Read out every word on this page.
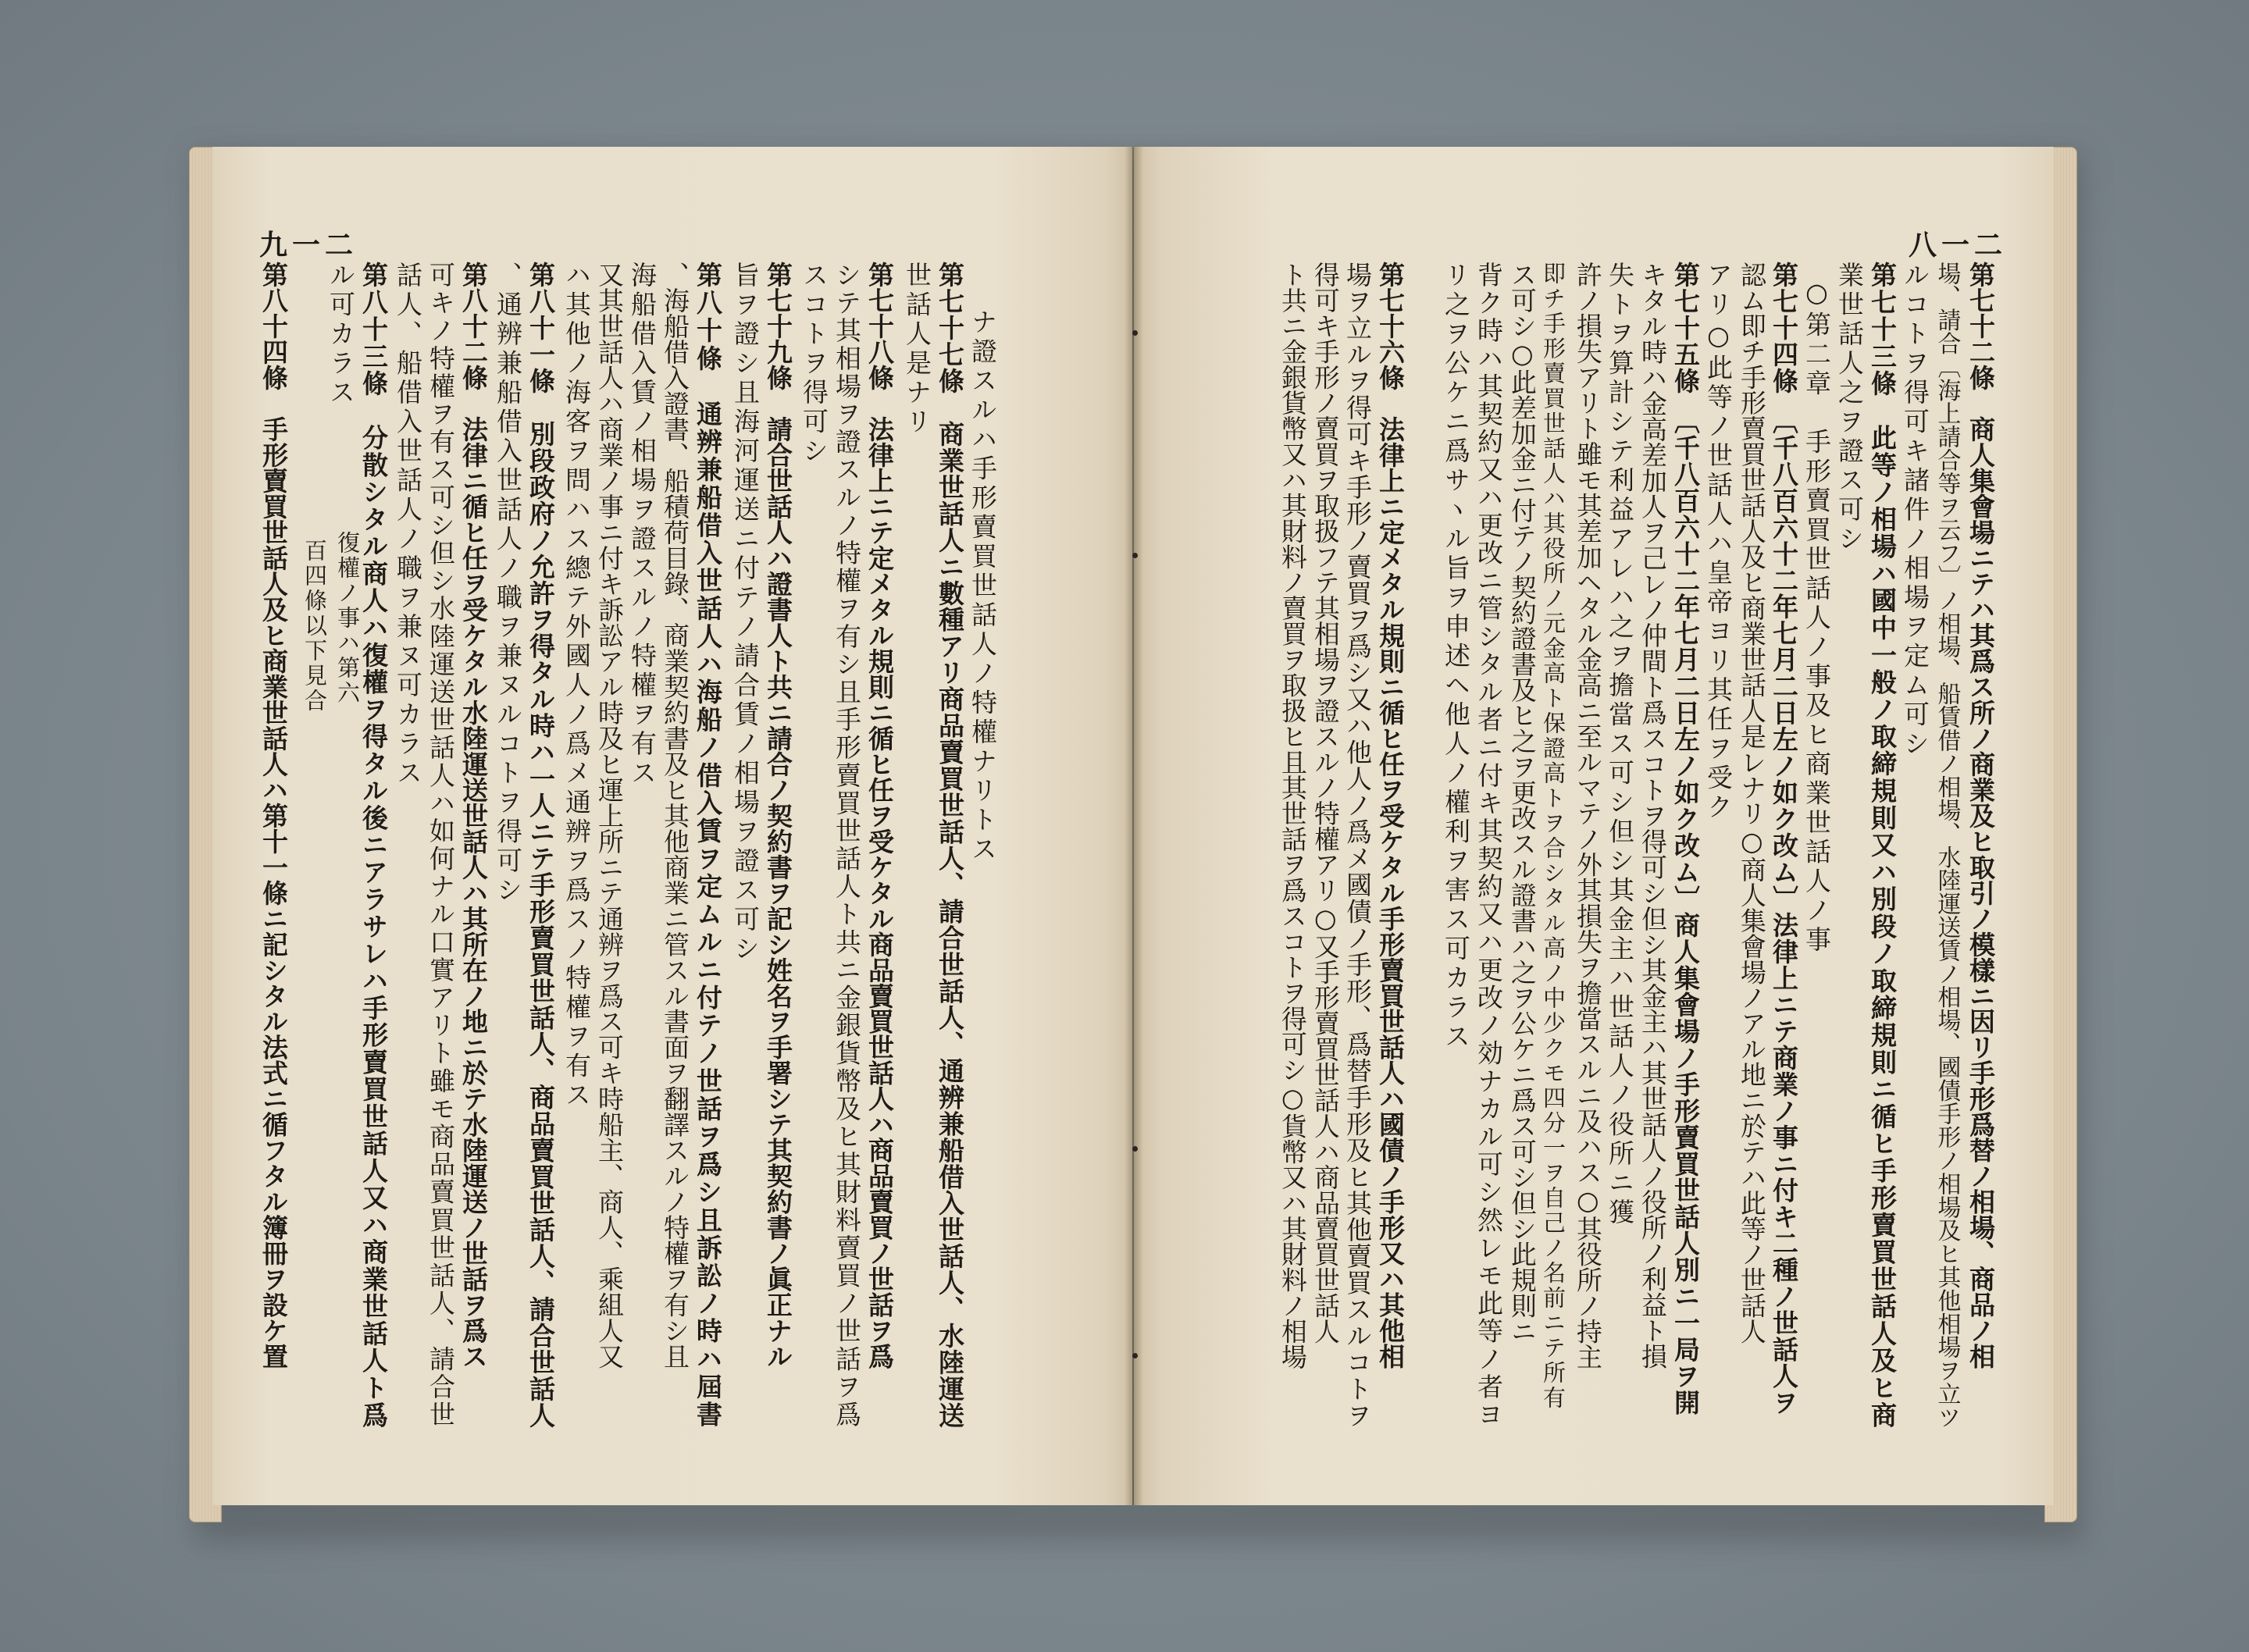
九一二	八一二
第七十二條　商人集會場ニテハ其爲ス所ノ商業及ヒ取引ノ模樣ニ因リ手形爲替ノ相場、商品ノ相
場、請合〔海上請合等ヲ云フ〕ノ相場、船賃借ノ相場、水陸運送賃ノ相場、國債手形ノ相場及ヒ其他相場ヲ立ツ
ルコトヲ得可キ諸件ノ相場ヲ定ム可シ
第七十三條　此等ノ相場ハ國中一般ノ取締規則又ハ別段ノ取締規則ニ循ヒ手形賣買世話人及ヒ商
業世話人之ヲ證ス可シ
○第二章　手形賣買世話人ノ事及ヒ商業世話人ノ事
第七十四條　〔千八百六十二年七月二日左ノ如ク改ム〕法律上ニテ商業ノ事ニ付キ二種ノ世話人ヲ
認ム即チ手形賣買世話人及ヒ商業世話人是レナリ○商人集會場ノアル地ニ於テハ此等ノ世話人
アリ○此等ノ世話人ハ皇帝ヨリ其任ヲ受ク
第七十五條　〔千八百六十二年七月二日左ノ如ク改ム〕商人集會場ノ手形賣買世話人別ニ一局ヲ開
キタル時ハ金高差加人ヲ己レノ仲間ト爲スコトヲ得可シ但シ其金主ハ其世話人ノ役所ノ利益ト損
失トヲ算計シテ利益アレハ之ヲ擔當ス可シ但シ其金主ハ世話人ノ役所ニ獲
許ノ損失アリト雖モ其差加ヘタル金高ニ至ルマテノ外其損失ヲ擔當スルニ及ハス○其役所ノ持主
即チ手形賣買世話人ハ其役所ノ元金高ト保證高トヲ合シタル高ノ中少クモ四分一ヲ自己ノ名前ニテ所有
ス可シ○此差加金ニ付テノ契約證書及ヒ之ヲ更改スル證書ハ之ヲ公ケニ爲ス可シ但シ此規則ニ
背ク時ハ其契約又ハ更改ニ管シタル者ニ付キ其契約又ハ更改ノ効ナカル可シ然レモ此等ノ者ヨ
リ之ヲ公ケニ爲サヽル旨ヲ申述ヘ他人ノ權利ヲ害ス可カラス
第七十六條　法律上ニ定メタル規則ニ循ヒ任ヲ受ケタル手形賣買世話人ハ國債ノ手形又ハ其他相
場ヲ立ルヲ得可キ手形ノ賣買ヲ爲シ又ハ他人ノ爲メ國債ノ手形、爲替手形及ヒ其他賣買スルコトヲ
得可キ手形ノ賣買ヲ取扱フテ其相場ヲ證スルノ特權アリ○又手形賣買世話人ハ商品賣買世話人
ト共ニ金銀貨幣又ハ其財料ノ賣買ヲ取扱ヒ且其世話ヲ爲スコトヲ得可シ○貨幣又ハ其財料ノ相場
ナ證スルハ手形賣買世話人ノ特權ナリトス
第七十七條　商業世話人ニ數種アリ商品賣買世話人、請合世話人、通辨兼船借入世話人、水陸運送
世話人是ナリ
第七十八條　法律上ニテ定メタル規則ニ循ヒ任ヲ受ケタル商品賣買世話人ハ商品賣買ノ世話ヲ爲
シテ其相場ヲ證スルノ特權ヲ有シ且手形賣買世話人ト共ニ金銀貨幣及ヒ其財料賣買ノ世話ヲ爲
スコトヲ得可シ
第七十九條　請合世話人ハ證書人ト共ニ請合ノ契約書ヲ記シ姓名ヲ手署シテ其契約書ノ眞正ナル
旨ヲ證シ且海河運送ニ付テノ請合賃ノ相場ヲ證ス可シ
第八十條　通辨兼船借入世話人ハ海船ノ借入賃ヲ定ムルニ付テノ世話ヲ爲シ且訴訟ノ時ハ屆書
、海船借入證書、船積荷目錄、商業契約書及ヒ其他商業ニ管スル書面ヲ翻譯スルノ特權ヲ有シ且
海船借入賃ノ相場ヲ證スルノ特權ヲ有ス
又其世話人ハ商業ノ事ニ付キ訴訟アル時及ヒ運上所ニテ通辨ヲ爲ス可キ時船主、商人、乘組人又
ハ其他ノ海客ヲ問ハス總テ外國人ノ爲メ通辨ヲ爲スノ特權ヲ有ス
第八十一條　別段政府ノ允許ヲ得タル時ハ一人ニテ手形賣買世話人、商品賣買世話人、請合世話人
、通辨兼船借入世話人ノ職ヲ兼ヌルコトヲ得可シ
第八十二條　法律ニ循ヒ任ヲ受ケタル水陸運送世話人ハ其所在ノ地ニ於テ水陸運送ノ世話ヲ爲ス
可キノ特權ヲ有ス可シ但シ水陸運送世話人ハ如何ナル口實アリト雖モ商品賣買世話人、請合世
話人、船借入世話人ノ職ヲ兼ヌ可カラス
第八十三條　分散シタル商人ハ復權ヲ得タル後ニアラサレハ手形賣買世話人又ハ商業世話人ト爲
ル可カラス
復權ノ事ハ第六
百四條以下見合
第八十四條　手形賣買世話人及ヒ商業世話人ハ第十一條ニ記シタル法式ニ循フタル簿冊ヲ設ケ置
